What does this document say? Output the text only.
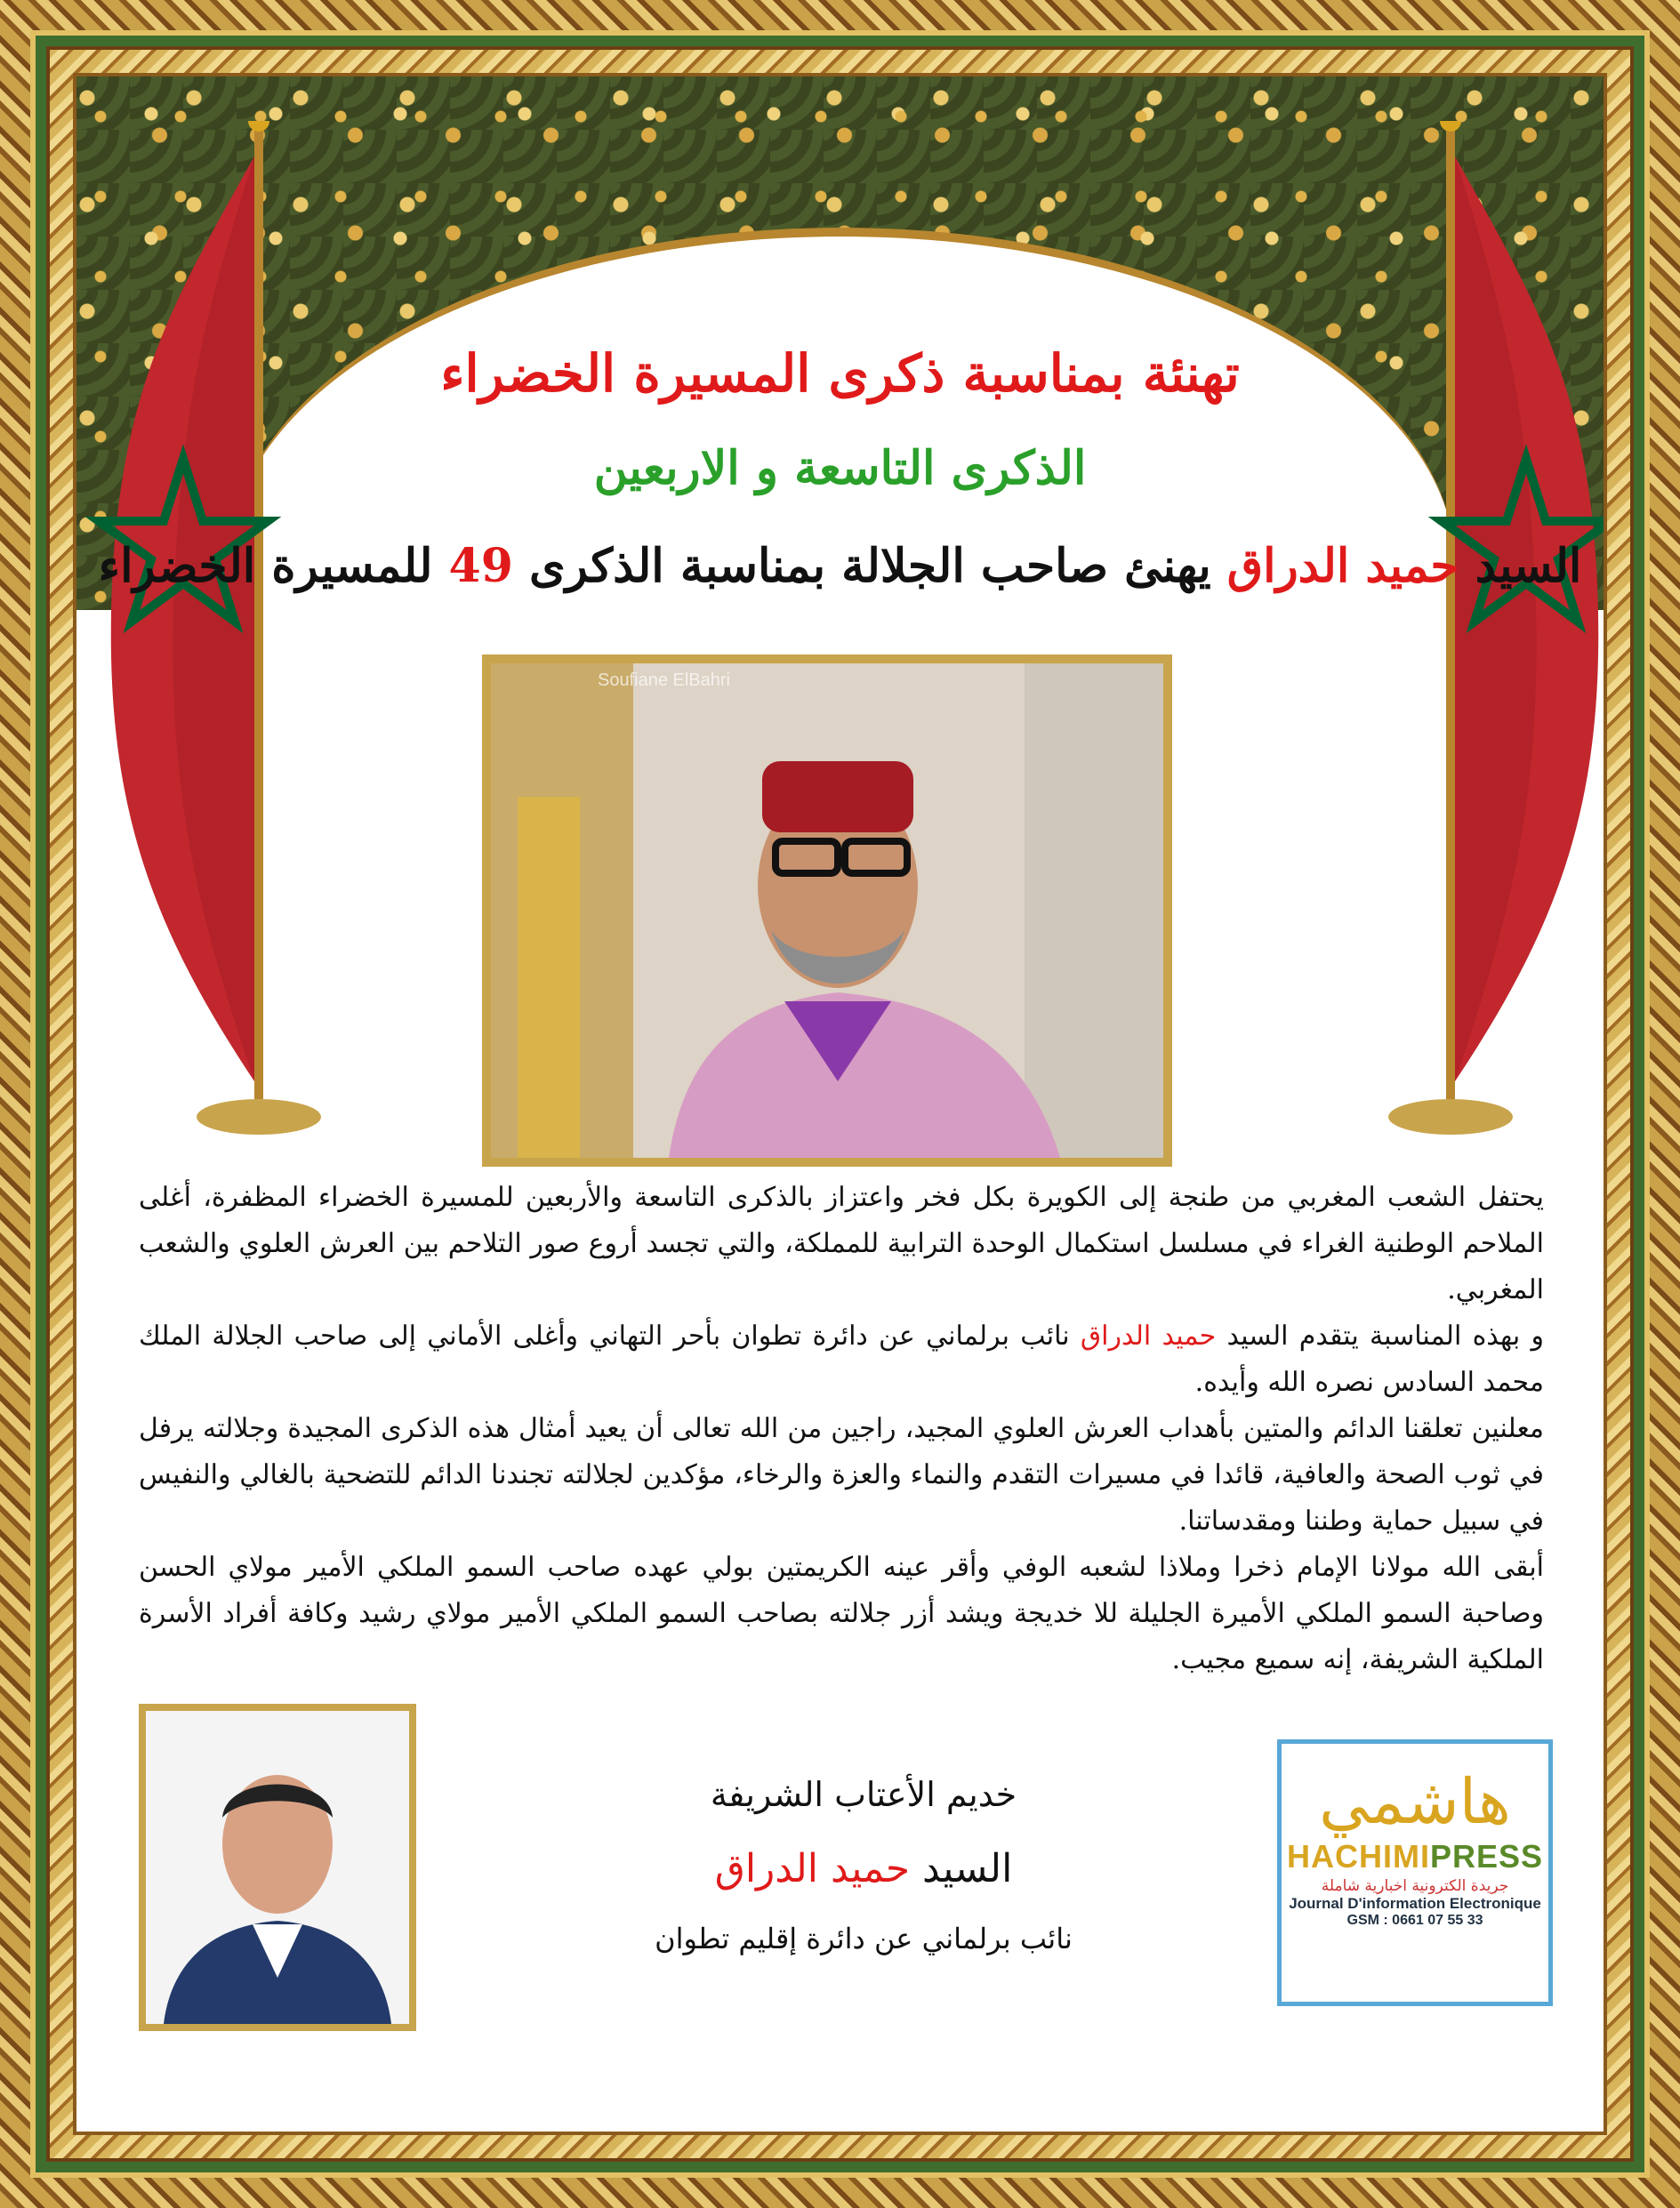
تهنئة بمناسبة ذكرى المسيرة الخضراء
الذكرى التاسعة و الاربعين
السيد حميد الدراق يهنئ صاحب الجلالة بمناسبة الذكرى 49 للمسيرة الخضراء
Soufiane ElBahri

يحتفل الشعب المغربي من طنجة إلى الكويرة بكل فخر واعتزاز بالذكرى التاسعة والأربعين للمسيرة الخضراء المظفرة، أغلى الملاحم الوطنية الغراء في مسلسل استكمال الوحدة الترابية للمملكة، والتي تجسد أروع صور التلاحم بين العرش العلوي والشعب المغربي.

و بهذه المناسبة يتقدم السيد حميد الدراق نائب برلماني عن دائرة تطوان بأحر التهاني وأغلى الأماني إلى صاحب الجلالة الملك محمد السادس نصره الله وأيده.

معلنين تعلقنا الدائم والمتين بأهداب العرش العلوي المجيد، راجين من الله تعالى أن يعيد أمثال هذه الذكرى المجيدة وجلالته يرفل في ثوب الصحة والعافية، قائدا في مسيرات التقدم والنماء والعزة والرخاء، مؤكدين لجلالته تجندنا الدائم للتضحية بالغالي والنفيس في سبيل حماية وطننا ومقدساتنا.

أبقى الله مولانا الإمام ذخرا وملاذا لشعبه الوفي وأقر عينه الكريمتين بولي عهده صاحب السمو الملكي الأمير مولاي الحسن وصاحبة السمو الملكي الأميرة الجليلة للا خديجة ويشد أزر جلالته بصاحب السمو الملكي الأمير مولاي رشيد وكافة أفراد الأسرة الملكية الشريفة، إنه سميع مجيب.

خديم الأعتاب الشريفة
السيد حميد الدراق
نائب برلماني عن دائرة إقليم تطوان
هاشمي
HACHIMIPRESS
جريدة الكترونية اخبارية شاملة
Journal D'information Electronique
GSM : 0661 07 55 33
